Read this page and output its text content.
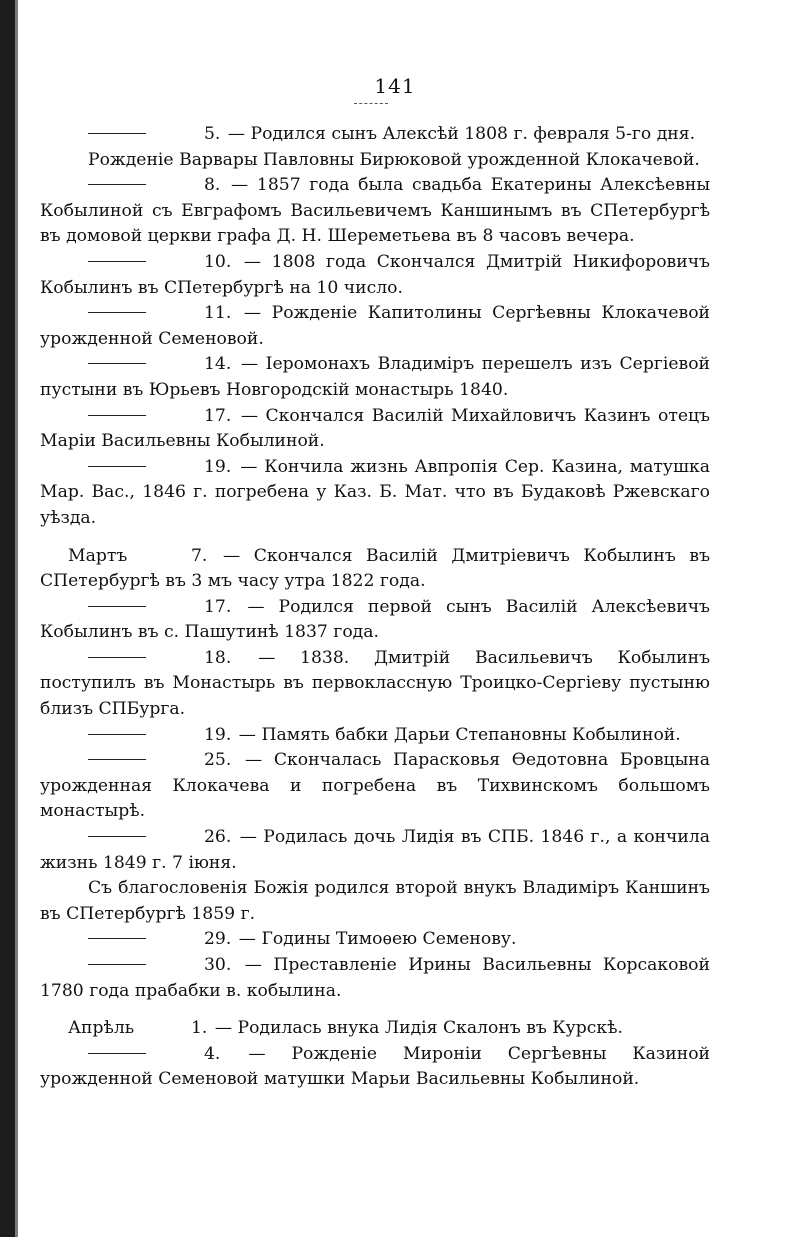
141

5. — Родился сынъ Алексѣй 1808 г. февраля 5-го дня.

Рожденіе Варвары Павловны Бирюковой урожденной Клокачевой.

8. — 1857 года была свадьба Екатерины Алексѣевны Кобылиной съ Евграфомъ Васильевичемъ Каншинымъ въ СПетербургѣ въ домовой церкви графа Д. Н. Шереметьева въ 8 часовъ вечера.

10. — 1808 года Скончался Дмитрій Никифоровичъ Кобылинъ въ СПетербургѣ на 10 число.

11. — Рожденіе Капитолины Сергѣевны Клокачевой урожденной Семеновой.

14. — Іеромонахъ Владиміръ перешелъ изъ Сергіевой пустыни въ Юрьевъ Новгородскій монастырь 1840.

17. — Скончался Василій Михайловичъ Казинъ отецъ Маріи Васильевны Кобылиной.

19. — Кончила жизнь Авпропія Сер. Казина, матушка Мар. Вас., 1846 г. погребена у Каз. Б. Мат. что въ Будаковѣ Ржевскаго уѣзда.

Мартъ	7. — Скончался Василій Дмитріевичъ Кобылинъ въ СПетербургѣ въ 3 мъ часу утра 1822 года.

17. — Родился первой сынъ Василій Алексѣевичъ Кобылинъ въ с. Пашутинѣ 1837 года.

18. — 1838. Дмитрій Васильевичъ Кобылинъ поступилъ въ Монастырь въ первоклассную Троицко-Сергіеву пустыню близъ СПБурга.

19. — Память бабки Дарьи Степановны Кобылиной.

25. — Скончалась Парасковья Ѳедотовна Бровцына урожденная Клокачева и погребена въ Тихвинскомъ большомъ монастырѣ.

26. — Родилась дочь Лидія въ СПБ. 1846 г., а кончила жизнь 1849 г. 7 іюня.

Съ благословенія Божія родился второй внукъ Владиміръ Каншинъ въ СПетербургѣ 1859 г.

29. — Годины Тимоѳею Семенову.

30. — Преставленіе Ирины Васильевны Корсаковой 1780 года прабабки в. кобылина.

Апрѣль	1. — Родилась внука Лидія Скалонъ въ Курскѣ.

4. — Рожденіе Мироніи Сергѣевны Казиной урожденной Семеновой матушки Марьи Васильевны Кобылиной.
